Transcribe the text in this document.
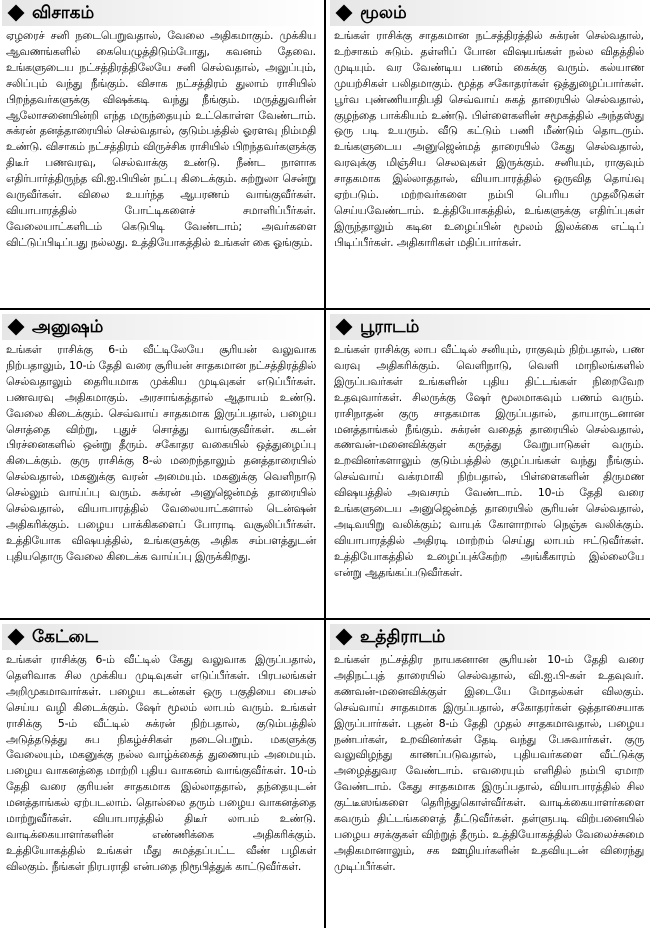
விசாகம்
ஏழரைச் சனி நடைபெறுவதால், வேலை அதிகமாகும். முக்கிய ஆவணங்களில் கையெழுத்திடும்போது, கவனம் தேவை. உங்களுடைய நட்சத்திரத்திலேயே சனி செல்வதால், அலுப்பும், சலிப்பும் வந்து நீங்கும். விசாக நட்சத்திரம் துலாம் ராசியில் பிறந்தவர்களுக்கு விஷக்கடி வந்து நீங்கும். மருத்துவரின் ஆலோசனையின்றி எந்த மருந்தையும் உட்கொள்ள வேண்டாம். சுக்ரன் தனத்தாரையில் செல்வதால், குடும்பத்தில் ஓரளவு நிம்மதி உண்டு. விசாகம் நட்சத்திரம் விருச்சிக ராசியில் பிறந்தவர்களுக்கு திடீர் பணவரவு, செல்வாக்கு உண்டு. நீண்ட நாளாக எதிர்பார்த்திருந்த வி.ஐ.பியின் நட்பு கிடைக்கும். சுற்றுலா சென்று வருவீர்கள். விலை உயர்ந்த ஆபரணம் வாங்குவீர்கள். வியாபாரத்தில் போட்டிகளைச் சமாளிப்பீர்கள். வேலையாட்களிடம் கெடுபிடி வேண்டாம்; அவர்களை விட்டுப்பிடிப்பது நல்லது. உத்தியோகத்தில் உங்கள் கை ஓங்கும்.
மூலம்
உங்கள் ராசிக்கு சாதகமான நட்சத்திரத்தில் சுக்ரன் செல்வதால், உற்சாகம் சுடும். தள்ளிப் போன விஷயங்கள் நல்ல விதத்தில் முடியும். வர வேண்டிய பணம் கைக்கு வரும். கல்யாண முயற்சிகள் பலிதமாகும். மூத்த சகோதரர்கள் ஒத்துழைப்பார்கள். பூர்வ புண்ணியாதிபதி செவ்வாய் சுகத் தாரையில் செல்வதால், குழந்தை பாக்கியம் உண்டு. பிள்ளைகளின் சமூகத்தில் அந்தஸ்து ஒரு படி உயரும். வீடு கட்டும் பணி மீண்டும் தொடரும். உங்களுடைய அனுஜென்மத் தாரையில் கேது செல்வதால், வரவுக்கு மிஞ்சிய செலவுகள் இருக்கும். சனியும், ராகுவும் சாதகமாக இல்லாததால், வியாபாரத்தில் ஒருவித தொய்வு ஏற்படும். மற்றவர்களை நம்பி பெரிய முதலீடுகள் செய்யவேண்டாம். உத்தியோகத்தில், உங்களுக்கு எதிர்ப்புகள் இருந்தாலும் கடின உழைப்பின் மூலம் இலக்கை எட்டிப் பிடிப்பீர்கள். அதிகாரிகள் மதிப்பார்கள்.
அனுஷம்
உங்கள் ராசிக்கு 6-ம் வீட்டிலேயே சூரியன் வலுவாக நிற்பதாலும், 10-ம் தேதி வரை சூரியன் சாதகமான நட்சத்திரத்தில் செல்வதாலும் தைரியமாக முக்கிய முடிவுகள் எடுப்பீர்கள். பணவரவு அதிகமாகும். அரசாங்கத்தால் ஆதாயம் உண்டு. வேலை கிடைக்கும். செவ்வாய் சாதகமாக இருப்பதால், பழைய சொத்தை விற்று, புதுச் சொத்து வாங்குவீர்கள். கடன் பிரச்னைகளில் ஒன்று தீரும். சகோதர வகையில் ஒத்துழைப்பு கிடைக்கும். குரு ராசிக்கு 8-ல் மறைந்தாலும் தனத்தாரையில் செல்வதால், மகனுக்கு வரன் அமையும். மகனுக்கு வெளிநாடு செல்லும் வாய்ப்பு வரும். சுக்ரன் அனுஜென்மத் தாரையில் செல்வதால், வியாபாரத்தில் வேலையாட்களால் டென்ஷன் அதிகரிக்கும். பழைய பாக்கிகளைப் போராடி வசூலிப்பீர்கள். உத்தியோக விஷயத்தில், உங்களுக்கு அதிக சம்பளத்துடன் புதியதொரு வேலை கிடைக்க வாய்ப்பு இருக்கிறது.
பூராடம்
உங்கள் ராசிக்கு லாப வீட்டில் சனியும், ராகுவும் நிற்பதால், பண வரவு அதிகரிக்கும். வெளிநாடு, வெளி மாநிலங்களில் இருப்பவர்கள் உங்களின் புதிய திட்டங்கள் நிறைவேற உதவுவார்கள். சிலருக்கு ஷேர் மூலமாகவும் பணம் வரும். ராசிநாதன் குரு சாதகமாக இருப்பதால், தாயாருடனான மனத்தாங்கல் நீங்கும். சுக்ரன் வதைத் தாரையில் செல்வதால், கணவன்-மனைவிக்குள் கருத்து வேறுபாடுகள் வரும். உறவினர்களாலும் குடும்பத்தில் குழப்பங்கள் வந்து நீங்கும். செவ்வாய் வக்ரமாகி நிற்பதால், பிள்ளைகளின் திருமண விஷயத்தில் அவசரம் வேண்டாம். 10-ம் தேதி வரை உங்களுடைய அனுஜென்மத் தாரையில் சூரியன் செல்வதால், அடிவயிறு வலிக்கும்; வாயுக் கோளாறால் நெஞ்சு வலிக்கும். வியாபாரத்தில் அதிரடி மாற்றம் செய்து லாபம் ஈட்டுவீர்கள். உத்தியோகத்தில் உழைப்புக்கேற்ற அங்கீகாரம் இல்லையே என்று ஆதங்கப்படுவீர்கள்.
கேட்டை
உங்கள் ராசிக்கு 6-ம் வீட்டில் கேது வலுவாக இருப்பதால், தெளிவாக சில முக்கிய முடிவுகள் எடுப்பீர்கள். பிரபலங்கள் அறிமுகமாவார்கள். பழைய கடன்கள் ஒரு பகுதியை பைசல் செய்ய வழி கிடைக்கும். ஷேர் மூலம் லாபம் வரும். உங்கள் ராசிக்கு 5-ம் வீட்டில் சுக்ரன் நிற்பதால், குடும்பத்தில் அடுத்தடுத்து சுப நிகழ்ச்சிகள் நடைபெறும். மகளுக்கு வேலையும், மகனுக்கு நல்ல வாழ்க்கைத் துணையும் அமையும். பழைய வாகனத்தை மாற்றி புதிய வாகனம் வாங்குவீர்கள். 10-ம் தேதி வரை குரியன் சாதகமாக இல்லாததால், தந்தையுடன் மனத்தாங்கல் ஏற்படலாம். தொல்லை தரும் பழைய வாகனத்தை மாற்றுவீர்கள். வியாபாரத்தில் திடீர் லாபம் உண்டு. வாடிக்கையாளர்களின் எண்ணிக்கை அதிகரிக்கும். உத்தியோகத்தில் உங்கள் மீது சுமத்தப்பட்ட வீண் பழிகள் விலகும். நீங்கள் நிரபராதி என்பதை நிரூபித்துக் காட்டுவீர்கள்.
உத்திராடம்
உங்கள் நட்சத்திர நாயகனான சூரியன் 10-ம் தேதி வரை அதிநட்புத் தாரையில் செல்வதால், வி.ஐ.பி-கள் உதவுவர். கணவன்-மனைவிக்குள் இடையே மோதல்கள் விலகும். செவ்வாய் சாதகமாக இருப்பதால், சகோதரர்கள் ஒத்தாசையாக இருப்பார்கள். புதன் 8-ம் தேதி முதல் சாதகமாவதால், பழைய நண்பர்கள், உறவினர்கள் தேடி வந்து பேசுவார்கள். குரு வலுவிழந்து காணப்படுவதால், புதியவர்களை வீட்டுக்கு அழைத்துவர வேண்டாம். எவரையும் எளிதில் நம்பி ஏமாற வேண்டாம். கேது சாதகமாக இருப்பதால், வியாபாரத்தில் சில குட்டீஸங்களை தெரிந்துகொள்வீர்கள். வாடிக்கையாளர்களை கவரும் திட்டங்களைத் தீட்டுவீர்கள். தள்ளுபடி விற்பனையில் பழைய சரக்குகள் விற்றுத் தீரும். உத்தியோகத்தில் வேலைச்சுமை அதிகமானாலும், சக ஊழியர்களின் உதவியுடன் விரைந்து முடிப்பீர்கள்.
